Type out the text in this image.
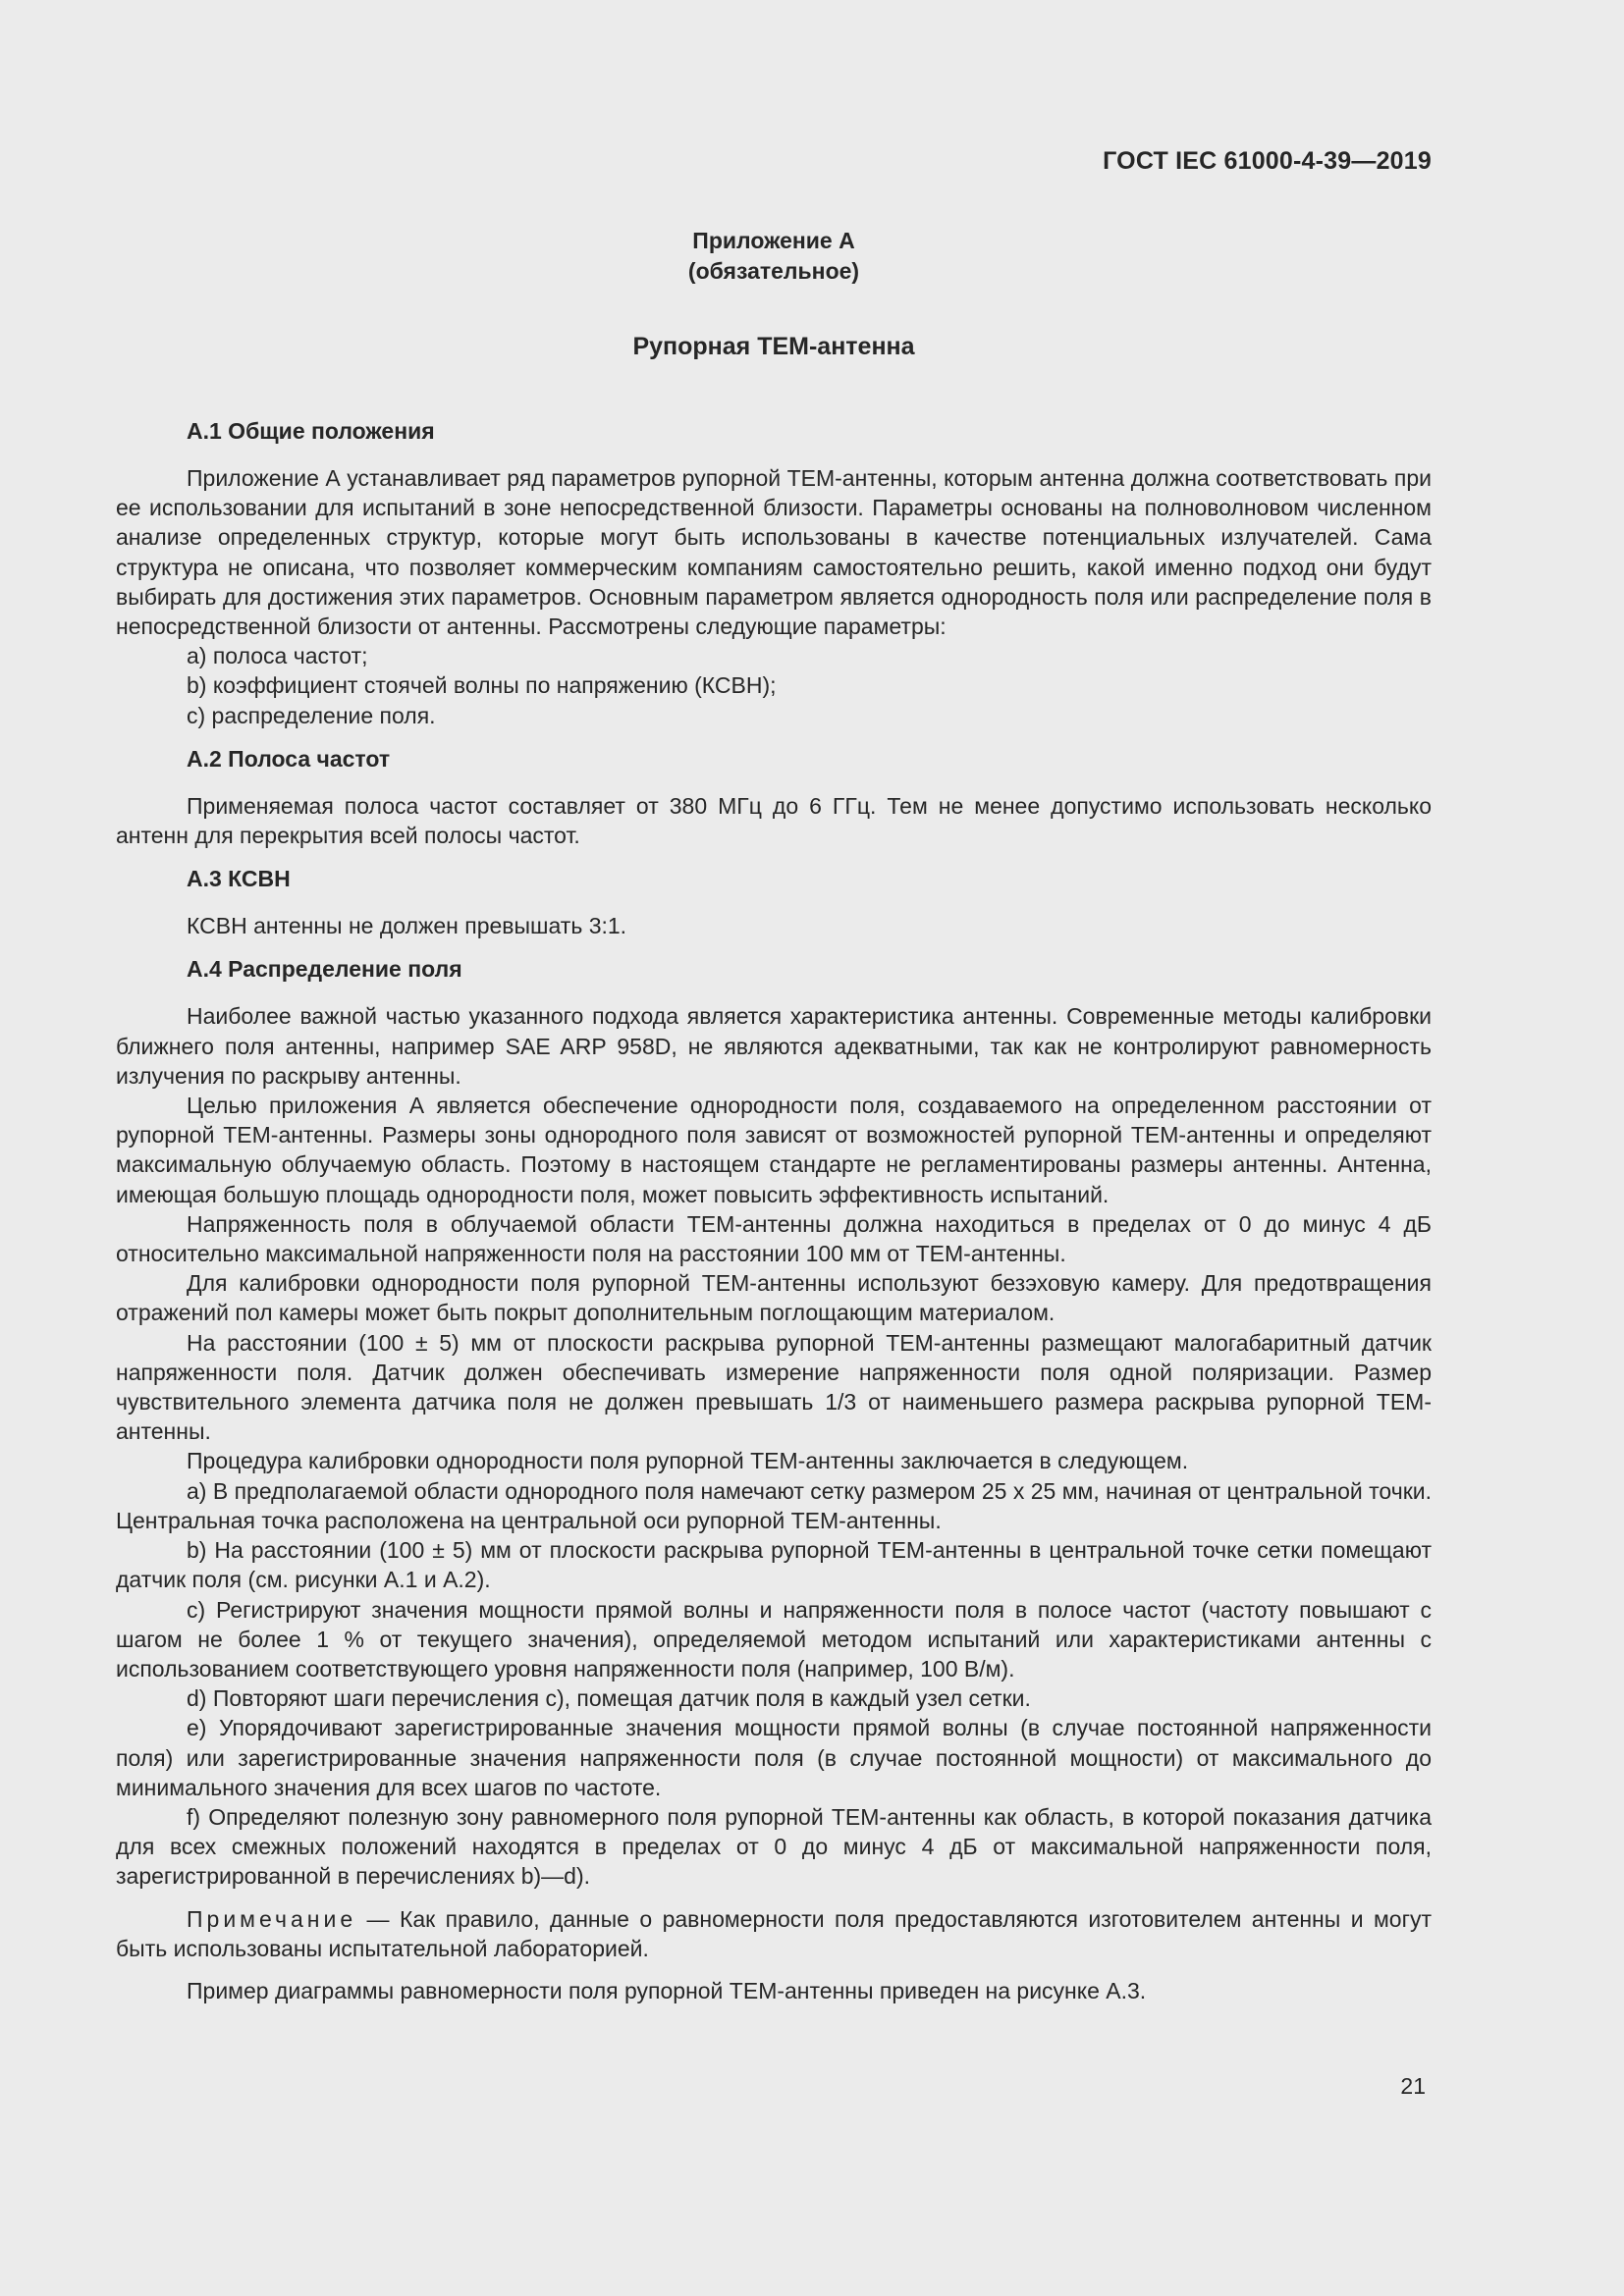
ГОСТ IEC 61000-4-39—2019
Приложение А
(обязательное)
Рупорная ТЕМ-антенна
А.1 Общие положения

Приложение А устанавливает ряд параметров рупорной ТЕМ-антенны, которым антенна должна соответствовать при ее использовании для испытаний в зоне непосредственной близости. Параметры основаны на полноволновом численном анализе определенных структур, которые могут быть использованы в качестве потенциальных излучателей. Сама структура не описана, что позволяет коммерческим компаниям самостоятельно решить, какой именно подход они будут выбирать для достижения этих параметров. Основным параметром является однородность поля или распределение поля в непосредственной близости от антенны. Рассмотрены следующие параметры:

а) полоса частот;
b) коэффициент стоячей волны по напряжению (КСВН);
с) распределение поля.
А.2 Полоса частот

Применяемая полоса частот составляет от 380 МГц до 6 ГГц. Тем не менее допустимо использовать несколько антенн для перекрытия всей полосы частот.

А.3 КСВН

КСВН антенны не должен превышать 3:1.

А.4 Распределение поля

Наиболее важной частью указанного подхода является характеристика антенны. Современные методы калибровки ближнего поля антенны, например SAE ARP 958D, не являются адекватными, так как не контролируют равномерность излучения по раскрыву антенны.

Целью приложения А является обеспечение однородности поля, создаваемого на определенном расстоянии от рупорной ТЕМ-антенны. Размеры зоны однородного поля зависят от возможностей рупорной ТЕМ-антенны и определяют максимальную облучаемую область. Поэтому в настоящем стандарте не регламентированы размеры антенны. Антенна, имеющая большую площадь однородности поля, может повысить эффективность испытаний.

Напряженность поля в облучаемой области ТЕМ-антенны должна находиться в пределах от 0 до минус 4 дБ относительно максимальной напряженности поля на расстоянии 100 мм от ТЕМ-антенны.

Для калибровки однородности поля рупорной ТЕМ-антенны используют безэховую камеру. Для предотвращения отражений пол камеры может быть покрыт дополнительным поглощающим материалом.

На расстоянии (100 ± 5) мм от плоскости раскрыва рупорной ТЕМ-антенны размещают малогабаритный датчик напряженности поля. Датчик должен обеспечивать измерение напряженности поля одной поляризации. Размер чувствительного элемента датчика поля не должен превышать 1/3 от наименьшего размера раскрыва рупорной ТЕМ-антенны.

Процедура калибровки однородности поля рупорной ТЕМ-антенны заключается в следующем.

а) В предполагаемой области однородного поля намечают сетку размером 25 x 25 мм, начиная от центральной точки. Центральная точка расположена на центральной оси рупорной ТЕМ-антенны.

b) На расстоянии (100 ± 5) мм от плоскости раскрыва рупорной ТЕМ-антенны в центральной точке сетки помещают датчик поля (см. рисунки А.1 и А.2).

с) Регистрируют значения мощности прямой волны и напряженности поля в полосе частот (частоту повышают с шагом не более 1 % от текущего значения), определяемой методом испытаний или характеристиками антенны с использованием соответствующего уровня напряженности поля (например, 100 В/м).

d) Повторяют шаги перечисления с), помещая датчик поля в каждый узел сетки.

е) Упорядочивают зарегистрированные значения мощности прямой волны (в случае постоянной напряженности поля) или зарегистрированные значения напряженности поля (в случае постоянной мощности) от максимального до минимального значения для всех шагов по частоте.

f) Определяют полезную зону равномерного поля рупорной ТЕМ-антенны как область, в которой показания датчика для всех смежных положений находятся в пределах от 0 до минус 4 дБ от максимальной напряженности поля, зарегистрированной в перечислениях b)—d).

Примечание — Как правило, данные о равномерности поля предоставляются изготовителем антенны и могут быть использованы испытательной лабораторией.

Пример диаграммы равномерности поля рупорной ТЕМ-антенны приведен на рисунке А.3.

21
